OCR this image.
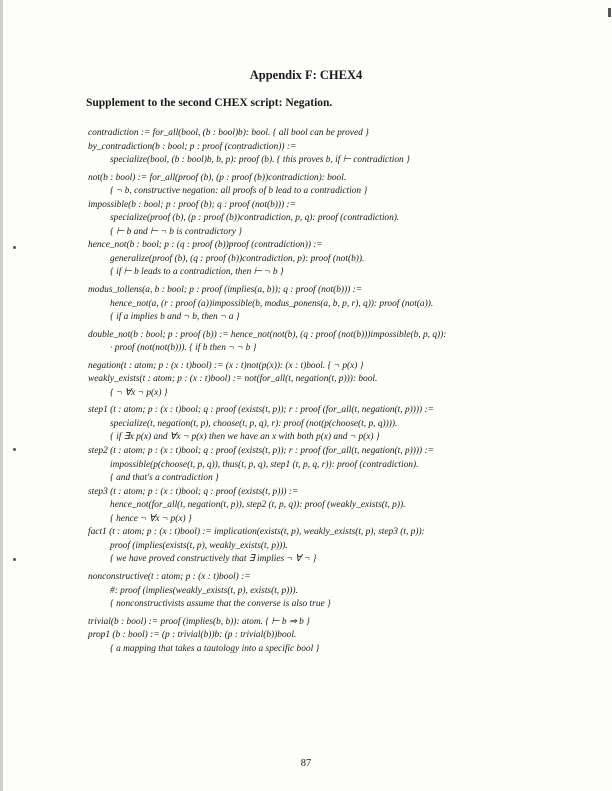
Appendix F: CHEX4
Supplement to the second CHEX script: Negation.
contradiction := for_all(bool, (b : bool)b): bool. { all bool can be proved }
by_contradiction(b : bool; p : proof (contradiction)) :=
specialize(bool, (b : bool)b, b, p): proof (b). { this proves b, if ⊢ contradiction }
not(b : bool) := for_all(proof (b), (p : proof (b))contradiction): bool.
{ ¬ b, constructive negation: all proofs of b lead to a contradiction }
impossible(b : bool; p : proof (b); q : proof (not(b))) :=
specialize(proof (b), (p : proof (b))contradiction, p, q): proof (contradiction).
{ ⊢ b and ⊢ ¬ b is contradictory }
hence_not(b : bool; p : (q : proof (b))proof (contradiction)) :=
generalize(proof (b), (q : proof (b))contradiction, p): proof (not(b)).
{ if ⊢ b leads to a contradiction, then ⊢ ¬ b }
modus_tollens(a, b : bool; p : proof (implies(a, b)); q : proof (not(b))) :=
hence_not(a, (r : proof (a))impossible(b, modus_ponens(a, b, p, r), q)): proof (not(a)).
{ if a implies b and ¬ b, then ¬ a }
double_not(b : bool; p : proof (b)) := hence_not(not(b), (q : proof (not(b)))impossible(b, p, q)):
· proof (not(not(b))). { if b then ¬ ¬ b }
negation(t : atom; p : (x : t)bool) := (x : t)not(p(x)): (x : t)bool. { ¬ p(x) }
weakly_exists(t : atom; p : (x : t)bool) := not(for_all(t, negation(t, p))): bool.
{ ¬ ∀x ¬ p(x) }
step1 (t : atom; p : (x : t)bool; q : proof (exists(t, p)); r : proof (for_all(t, negation(t, p)))) :=
specialize(t, negation(t, p), choose(t, p, q), r): proof (not(p(choose(t, p, q)))).
{ if ∃x p(x) and ∀x ¬ p(x) then we have an x with both p(x) and ¬ p(x) }
step2 (t : atom; p : (x : t)bool; q : proof (exists(t, p)); r : proof (for_all(t, negation(t, p)))) :=
impossible(p(choose(t, p, q)), thus(t, p, q), step1 (t, p, q, r)): proof (contradiction).
{ and that's a contradiction }
step3 (t : atom; p : (x : t)bool; q : proof (exists(t, p))) :=
hence_not(for_all(t, negation(t, p)), step2 (t, p, q)): proof (weakly_exists(t, p)).
{ hence ¬ ∀x ¬ p(x) }
fact1 (t : atom; p : (x : t)bool) := implication(exists(t, p), weakly_exists(t, p), step3 (t, p)):
proof (implies(exists(t, p), weakly_exists(t, p))).
{ we have proved constructively that ∃ implies ¬ ∀ ¬ }
nonconstructive(t : atom; p : (x : t)bool) :=
#: proof (implies(weakly_exists(t, p), exists(t, p))).
{ nonconstructivists assume that the converse is also true }
trivial(b : bool) := proof (implies(b, b)): atom. { ⊢ b ⇒ b }
prop1 (b : bool) := (p : trivial(b))b: (p : trivial(b))bool.
{ a mapping that takes a tautology into a specific bool }
87
